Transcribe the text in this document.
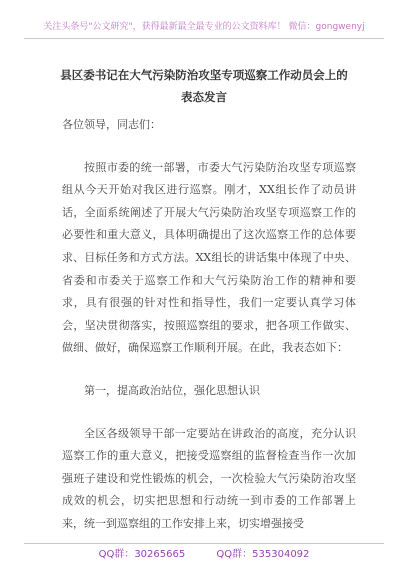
关注头条号"公文研究"，获得最新最全最专业的公文资料库！ 微信：gongwenyj
县区委书记在大气污染防治攻坚专项巡察工作动员会上的
表态发言

各位领导，同志们：

按照市委的统一部署，市委大气污染防治攻坚专项巡察组从今天开始对我区进行巡察。刚才，XX组长作了动员讲话，全面系统阐述了开展大气污染防治攻坚专项巡察工作的必要性和重大意义，具体明确提出了这次巡察工作的总体要求、目标任务和方式方法。XX组长的讲话集中体现了中央、省委和市委关于巡察工作和大气污染防治工作的精神和要求，具有很强的针对性和指导性，我们一定要认真学习体会，坚决贯彻落实，按照巡察组的要求，把各项工作做实、做细、做好，确保巡察工作顺利开展。在此，我表态如下：

第一，提高政治站位，强化思想认识

全区各级领导干部一定要站在讲政治的高度，充分认识巡察工作的重大意义，把接受巡察组的监督检查当作一次加强班子建设和党性锻炼的机会，一次检验大气污染防治攻坚成效的机会，切实把思想和行动统一到市委的工作部署上来，统一到巡察组的工作安排上来，切实增强接受

QQ群：30265665	QQ群：535304092
